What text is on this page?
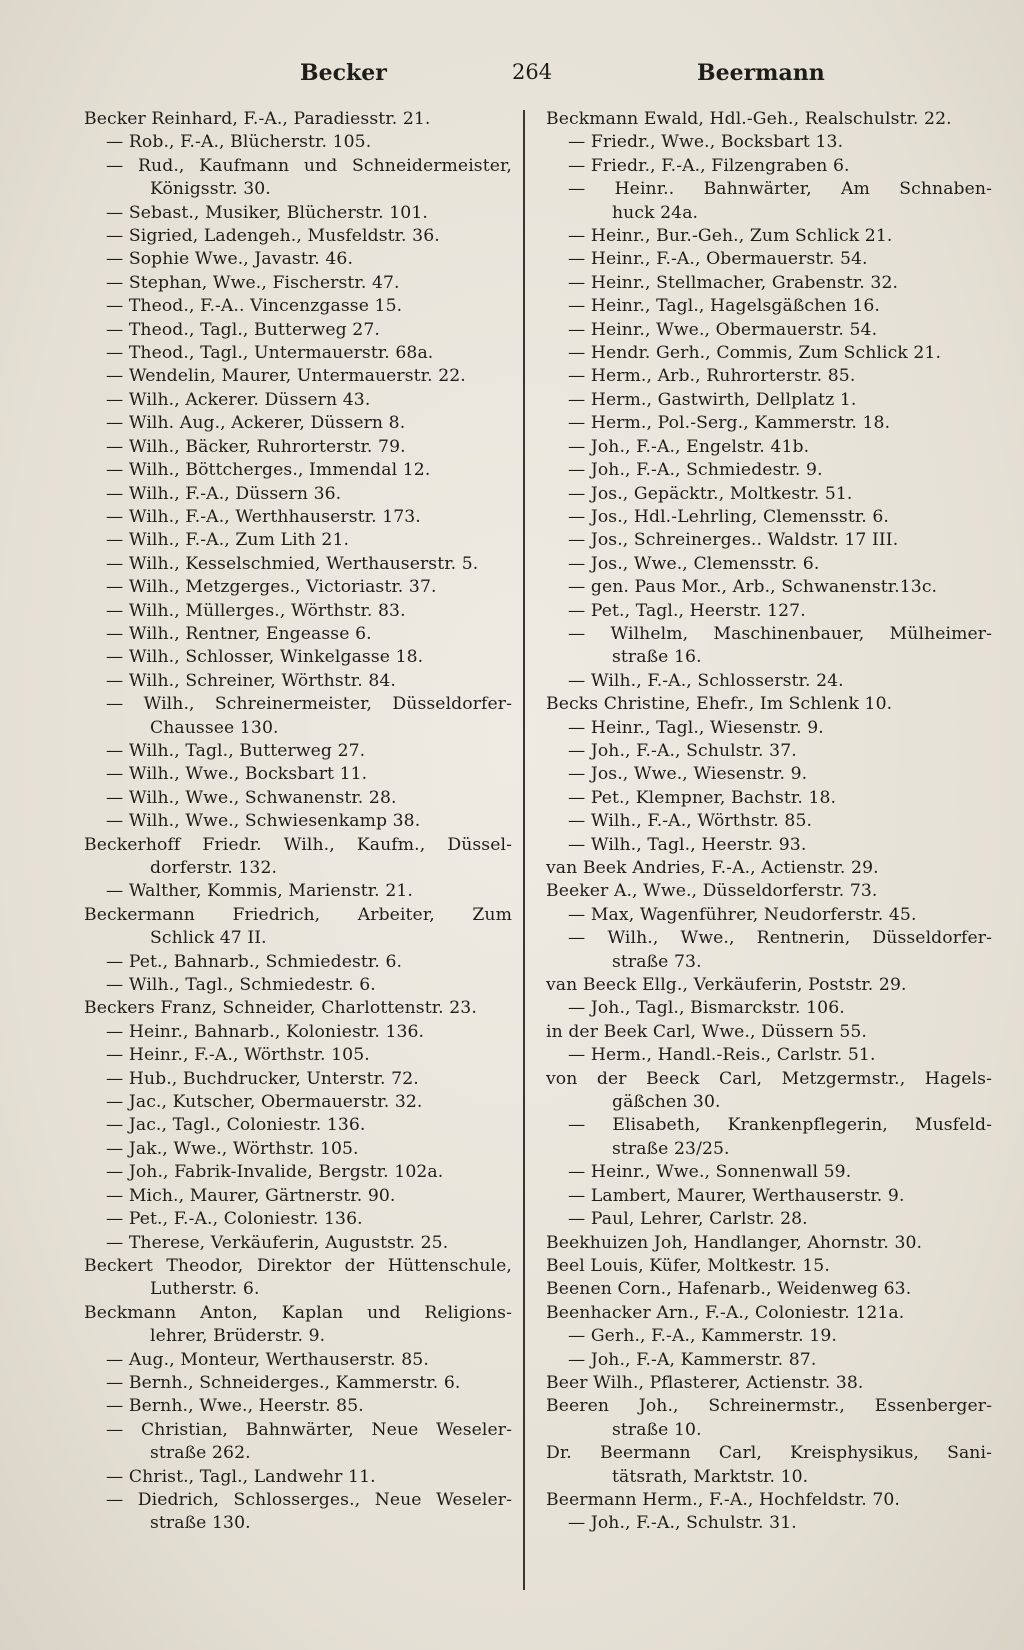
Becker	264	Beermann
Becker Reinhard, F.-A., Paradiesstr. 21.
— Rob., F.-A., Blücherstr. 105.
— Rud., Kaufmann und Schneidermeister,
Königsstr. 30.
— Sebast., Musiker, Blücherstr. 101.
— Sigried, Ladengeh., Musfeldstr. 36.
— Sophie Wwe., Javastr. 46.
— Stephan, Wwe., Fischerstr. 47.
— Theod., F.-A.. Vincenzgasse 15.
— Theod., Tagl., Butterweg 27.
— Theod., Tagl., Untermauerstr. 68a.
— Wendelin, Maurer, Untermauerstr. 22.
— Wilh., Ackerer. Düssern 43.
— Wilh. Aug., Ackerer, Düssern 8.
— Wilh., Bäcker, Ruhrorterstr. 79.
— Wilh., Böttcherges., Immendal 12.
— Wilh., F.-A., Düssern 36.
— Wilh., F.-A., Werthhauserstr. 173.
— Wilh., F.-A., Zum Lith 21.
— Wilh., Kesselschmied, Werthauserstr. 5.
— Wilh., Metzgerges., Victoriastr. 37.
— Wilh., Müllerges., Wörthstr. 83.
— Wilh., Rentner, Engeasse 6.
— Wilh., Schlosser, Winkelgasse 18.
— Wilh., Schreiner, Wörthstr. 84.
— Wilh., Schreinermeister, Düsseldorfer-
Chaussee 130.
— Wilh., Tagl., Butterweg 27.
— Wilh., Wwe., Bocksbart 11.
— Wilh., Wwe., Schwanenstr. 28.
— Wilh., Wwe., Schwiesenkamp 38.
Beckerhoff Friedr. Wilh., Kaufm., Düssel-
dorferstr. 132.
— Walther, Kommis, Marienstr. 21.
Beckermann Friedrich, Arbeiter, Zum
Schlick 47 II.
— Pet., Bahnarb., Schmiedestr. 6.
— Wilh., Tagl., Schmiedestr. 6.
Beckers Franz, Schneider, Charlottenstr. 23.
— Heinr., Bahnarb., Koloniestr. 136.
— Heinr., F.-A., Wörthstr. 105.
— Hub., Buchdrucker, Unterstr. 72.
— Jac., Kutscher, Obermauerstr. 32.
— Jac., Tagl., Coloniestr. 136.
— Jak., Wwe., Wörthstr. 105.
— Joh., Fabrik-Invalide, Bergstr. 102a.
— Mich., Maurer, Gärtnerstr. 90.
— Pet., F.-A., Coloniestr. 136.
— Therese, Verkäuferin, Auguststr. 25.
Beckert Theodor, Direktor der Hüttenschule,
Lutherstr. 6.
Beckmann Anton, Kaplan und Religions-
lehrer, Brüderstr. 9.
— Aug., Monteur, Werthauserstr. 85.
— Bernh., Schneiderges., Kammerstr. 6.
— Bernh., Wwe., Heerstr. 85.
— Christian, Bahnwärter, Neue Weseler-
straße 262.
— Christ., Tagl., Landwehr 11.
— Diedrich, Schlosserges., Neue Weseler-
straße 130.
Beckmann Ewald, Hdl.-Geh., Realschulstr. 22.
— Friedr., Wwe., Bocksbart 13.
— Friedr., F.-A., Filzengraben 6.
— Heinr.. Bahnwärter, Am Schnaben-
huck 24a.
— Heinr., Bur.-Geh., Zum Schlick 21.
— Heinr., F.-A., Obermauerstr. 54.
— Heinr., Stellmacher, Grabenstr. 32.
— Heinr., Tagl., Hagelsgäßchen 16.
— Heinr., Wwe., Obermauerstr. 54.
— Hendr. Gerh., Commis, Zum Schlick 21.
— Herm., Arb., Ruhrorterstr. 85.
— Herm., Gastwirth, Dellplatz 1.
— Herm., Pol.-Serg., Kammerstr. 18.
— Joh., F.-A., Engelstr. 41b.
— Joh., F.-A., Schmiedestr. 9.
— Jos., Gepäcktr., Moltkestr. 51.
— Jos., Hdl.-Lehrling, Clemensstr. 6.
— Jos., Schreinerges.. Waldstr. 17 III.
— Jos., Wwe., Clemensstr. 6.
— gen. Paus Mor., Arb., Schwanenstr.13c.
— Pet., Tagl., Heerstr. 127.
— Wilhelm, Maschinenbauer, Mülheimer-
straße 16.
— Wilh., F.-A., Schlosserstr. 24.
Becks Christine, Ehefr., Im Schlenk 10.
— Heinr., Tagl., Wiesenstr. 9.
— Joh., F.-A., Schulstr. 37.
— Jos., Wwe., Wiesenstr. 9.
— Pet., Klempner, Bachstr. 18.
— Wilh., F.-A., Wörthstr. 85.
— Wilh., Tagl., Heerstr. 93.
van Beek Andries, F.-A., Actienstr. 29.
Beeker A., Wwe., Düsseldorferstr. 73.
— Max, Wagenführer, Neudorferstr. 45.
— Wilh., Wwe., Rentnerin, Düsseldorfer-
straße 73.
van Beeck Ellg., Verkäuferin, Poststr. 29.
— Joh., Tagl., Bismarckstr. 106.
in der Beek Carl, Wwe., Düssern 55.
— Herm., Handl.-Reis., Carlstr. 51.
von der Beeck Carl, Metzgermstr., Hagels-
gäßchen 30.
— Elisabeth, Krankenpflegerin, Musfeld-
straße 23/25.
— Heinr., Wwe., Sonnenwall 59.
— Lambert, Maurer, Werthauserstr. 9.
— Paul, Lehrer, Carlstr. 28.
Beekhuizen Joh, Handlanger, Ahornstr. 30.
Beel Louis, Küfer, Moltkestr. 15.
Beenen Corn., Hafenarb., Weidenweg 63.
Beenhacker Arn., F.-A., Coloniestr. 121a.
— Gerh., F.-A., Kammerstr. 19.
— Joh., F.-A, Kammerstr. 87.
Beer Wilh., Pflasterer, Actienstr. 38.
Beeren Joh., Schreinermstr., Essenberger-
straße 10.
Dr. Beermann Carl, Kreisphysikus, Sani-
tätsrath, Marktstr. 10.
Beermann Herm., F.-A., Hochfeldstr. 70.
— Joh., F.-A., Schulstr. 31.
